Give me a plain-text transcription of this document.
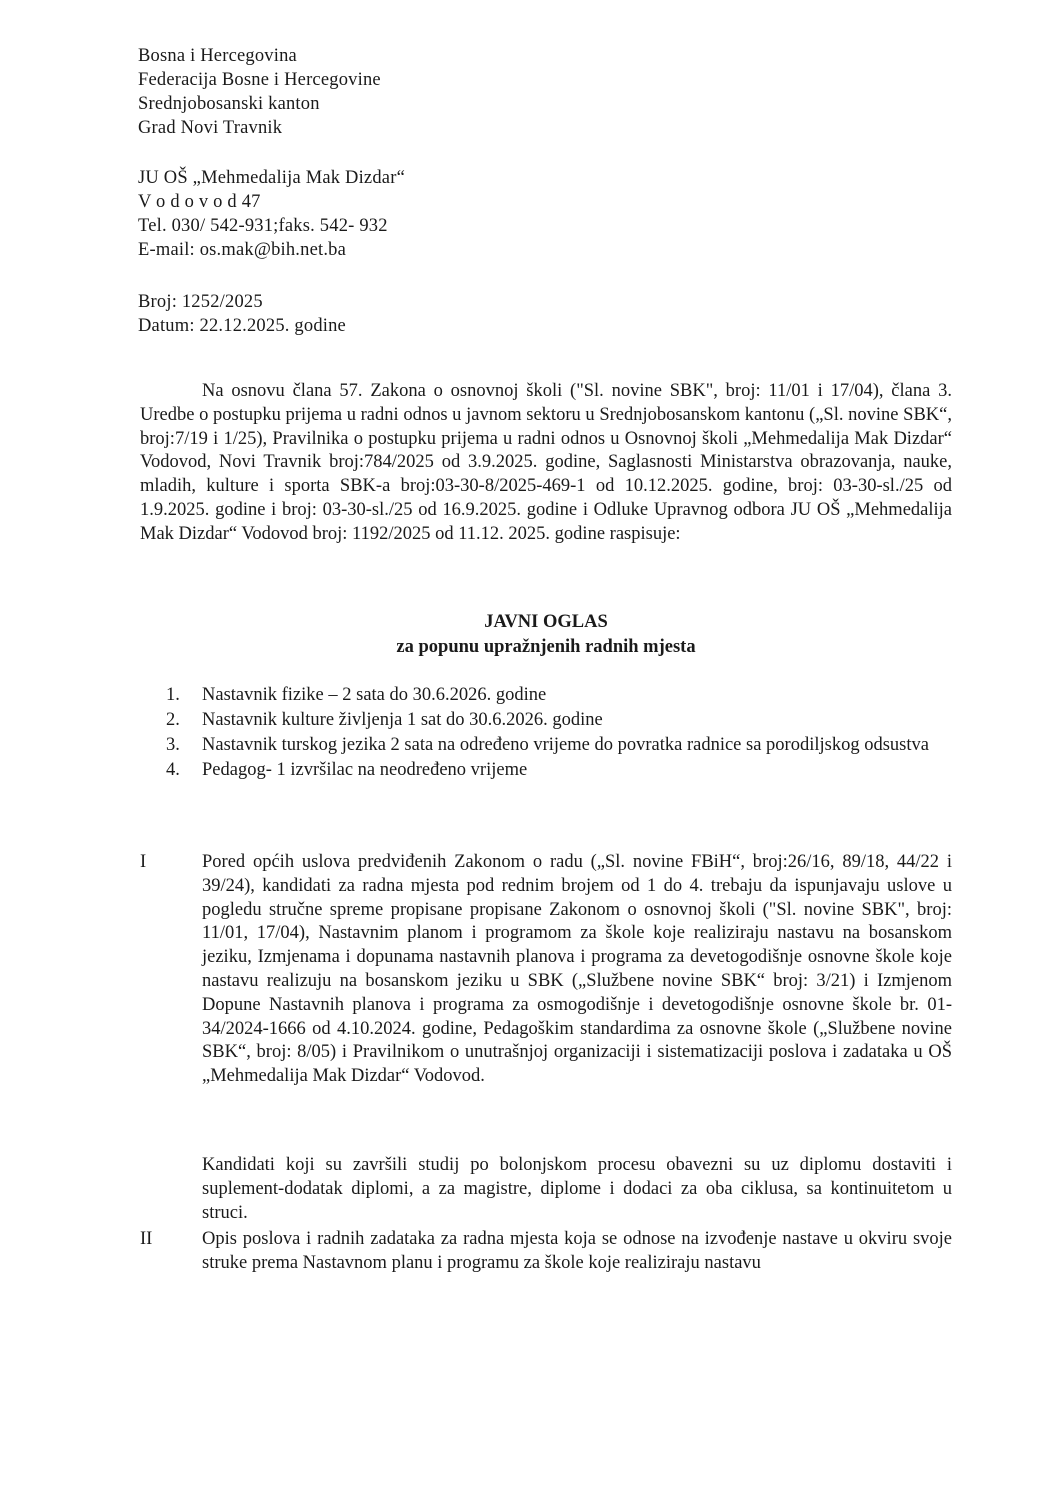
Bosna i Hercegovina
Federacija Bosne i Hercegovine
Srednjobosanski kanton
Grad Novi Travnik
JU OŠ „Mehmedalija Mak Dizdar“
V o d o v o d 47
Tel. 030/ 542-931;faks. 542- 932
E-mail: os.mak@bih.net.ba
Broj: 1252/2025
Datum: 22.12.2025. godine
Na osnovu člana 57. Zakona o osnovnoj školi ("Sl. novine SBK", broj: 11/01 i 17/04), člana 3. Uredbe o postupku prijema u radni odnos u javnom sektoru u Srednjobosanskom kantonu („Sl. novine SBK“, broj:7/19 i 1/25), Pravilnika o postupku prijema u radni odnos u Osnovnoj školi „Mehmedalija Mak Dizdar“ Vodovod, Novi Travnik broj:784/2025 od 3.9.2025. godine, Saglasnosti Ministarstva obrazovanja, nauke, mladih, kulture i sporta SBK-a broj:03-30-8/2025-469-1 od 10.12.2025. godine, broj: 03-30-sl./25 od 1.9.2025. godine i broj: 03-30-sl./25 od 16.9.2025. godine i Odluke Upravnog odbora JU OŠ „Mehmedalija Mak Dizdar“ Vodovod broj: 1192/2025 od 11.12. 2025. godine raspisuje:
JAVNI OGLAS
za popunu upražnjenih radnih mjesta
1.	Nastavnik fizike – 2 sata do 30.6.2026. godine
2.	Nastavnik kulture življenja 1 sat do 30.6.2026. godine
3.	Nastavnik turskog jezika 2 sata na određeno vrijeme do povratka radnice sa porodiljskog odsustva
4.	Pedagog- 1 izvršilac na neodređeno vrijeme
I	Pored općih uslova predviđenih Zakonom o radu („Sl. novine FBiH“, broj:26/16, 89/18, 44/22 i 39/24), kandidati za radna mjesta pod rednim brojem od 1 do 4. trebaju da ispunjavaju uslove u pogledu stručne spreme propisane propisane Zakonom o osnovnoj školi ("Sl. novine SBK", broj: 11/01, 17/04), Nastavnim planom i programom za škole koje realiziraju nastavu na bosanskom jeziku, Izmjenama i dopunama nastavnih planova i programa za devetogodišnje osnovne škole koje nastavu realizuju na bosanskom jeziku u SBK („Službene novine SBK“ broj: 3/21) i Izmjenom Dopune Nastavnih planova i programa za osmogodišnje i devetogodišnje osnovne škole br. 01-34/2024-1666 od 4.10.2024. godine, Pedagoškim standardima za osnovne škole („Službene novine SBK“, broj: 8/05) i Pravilnikom o unutrašnjoj organizaciji i sistematizaciji poslova i zadataka u OŠ „Mehmedalija Mak Dizdar“ Vodovod.
Kandidati koji su završili studij po bolonjskom procesu obavezni su uz diplomu dostaviti i suplement-dodatak diplomi, a za magistre, diplome i dodaci za oba ciklusa, sa kontinuitetom u struci.
II	Opis poslova i radnih zadataka za radna mjesta koja se odnose na izvođenje nastave u okviru svoje struke prema Nastavnom planu i programu za škole koje realiziraju nastavu
